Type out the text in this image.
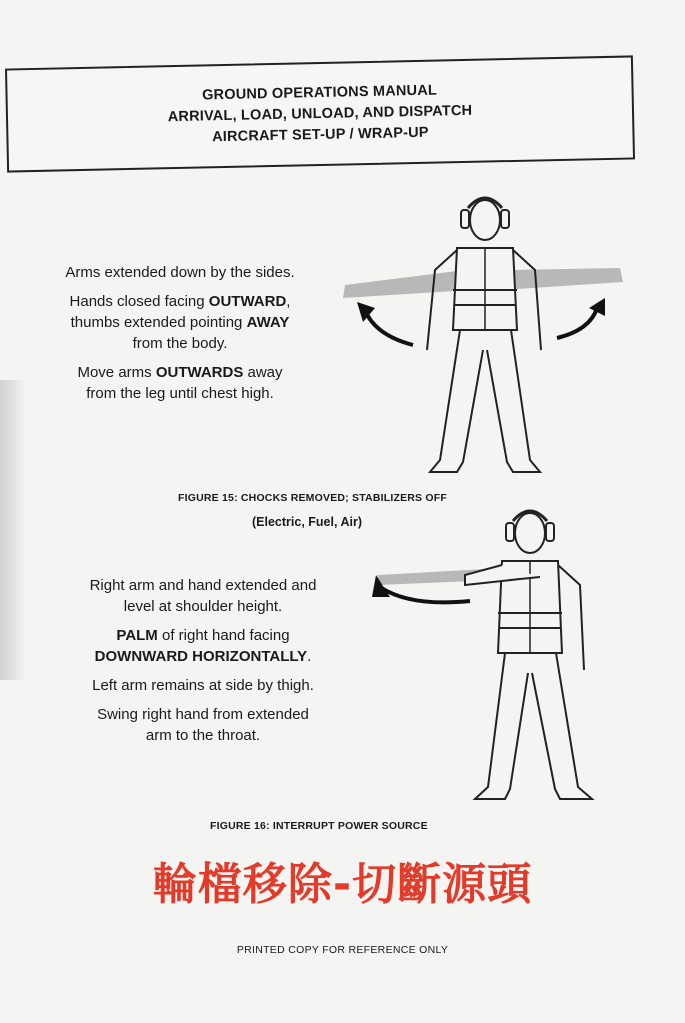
GROUND OPERATIONS MANUAL
ARRIVAL, LOAD, UNLOAD, AND DISPATCH
AIRCRAFT SET-UP / WRAP-UP

Arms extended down by the sides.

Hands closed facing OUTWARD,
thumbs extended pointing AWAY
from the body.

Move arms OUTWARDS away
from the leg until chest high.

FIGURE 15: CHOCKS REMOVED; STABILIZERS OFF
(Electric, Fuel, Air)

Right arm and hand extended and
level at shoulder height.

PALM of right hand facing
DOWNWARD HORIZONTALLY.

Left arm remains at side by thigh.

Swing right hand from extended
arm to the throat.

FIGURE 16: INTERRUPT POWER SOURCE
輪檔移除-切斷源頭
PRINTED COPY FOR REFERENCE ONLY
